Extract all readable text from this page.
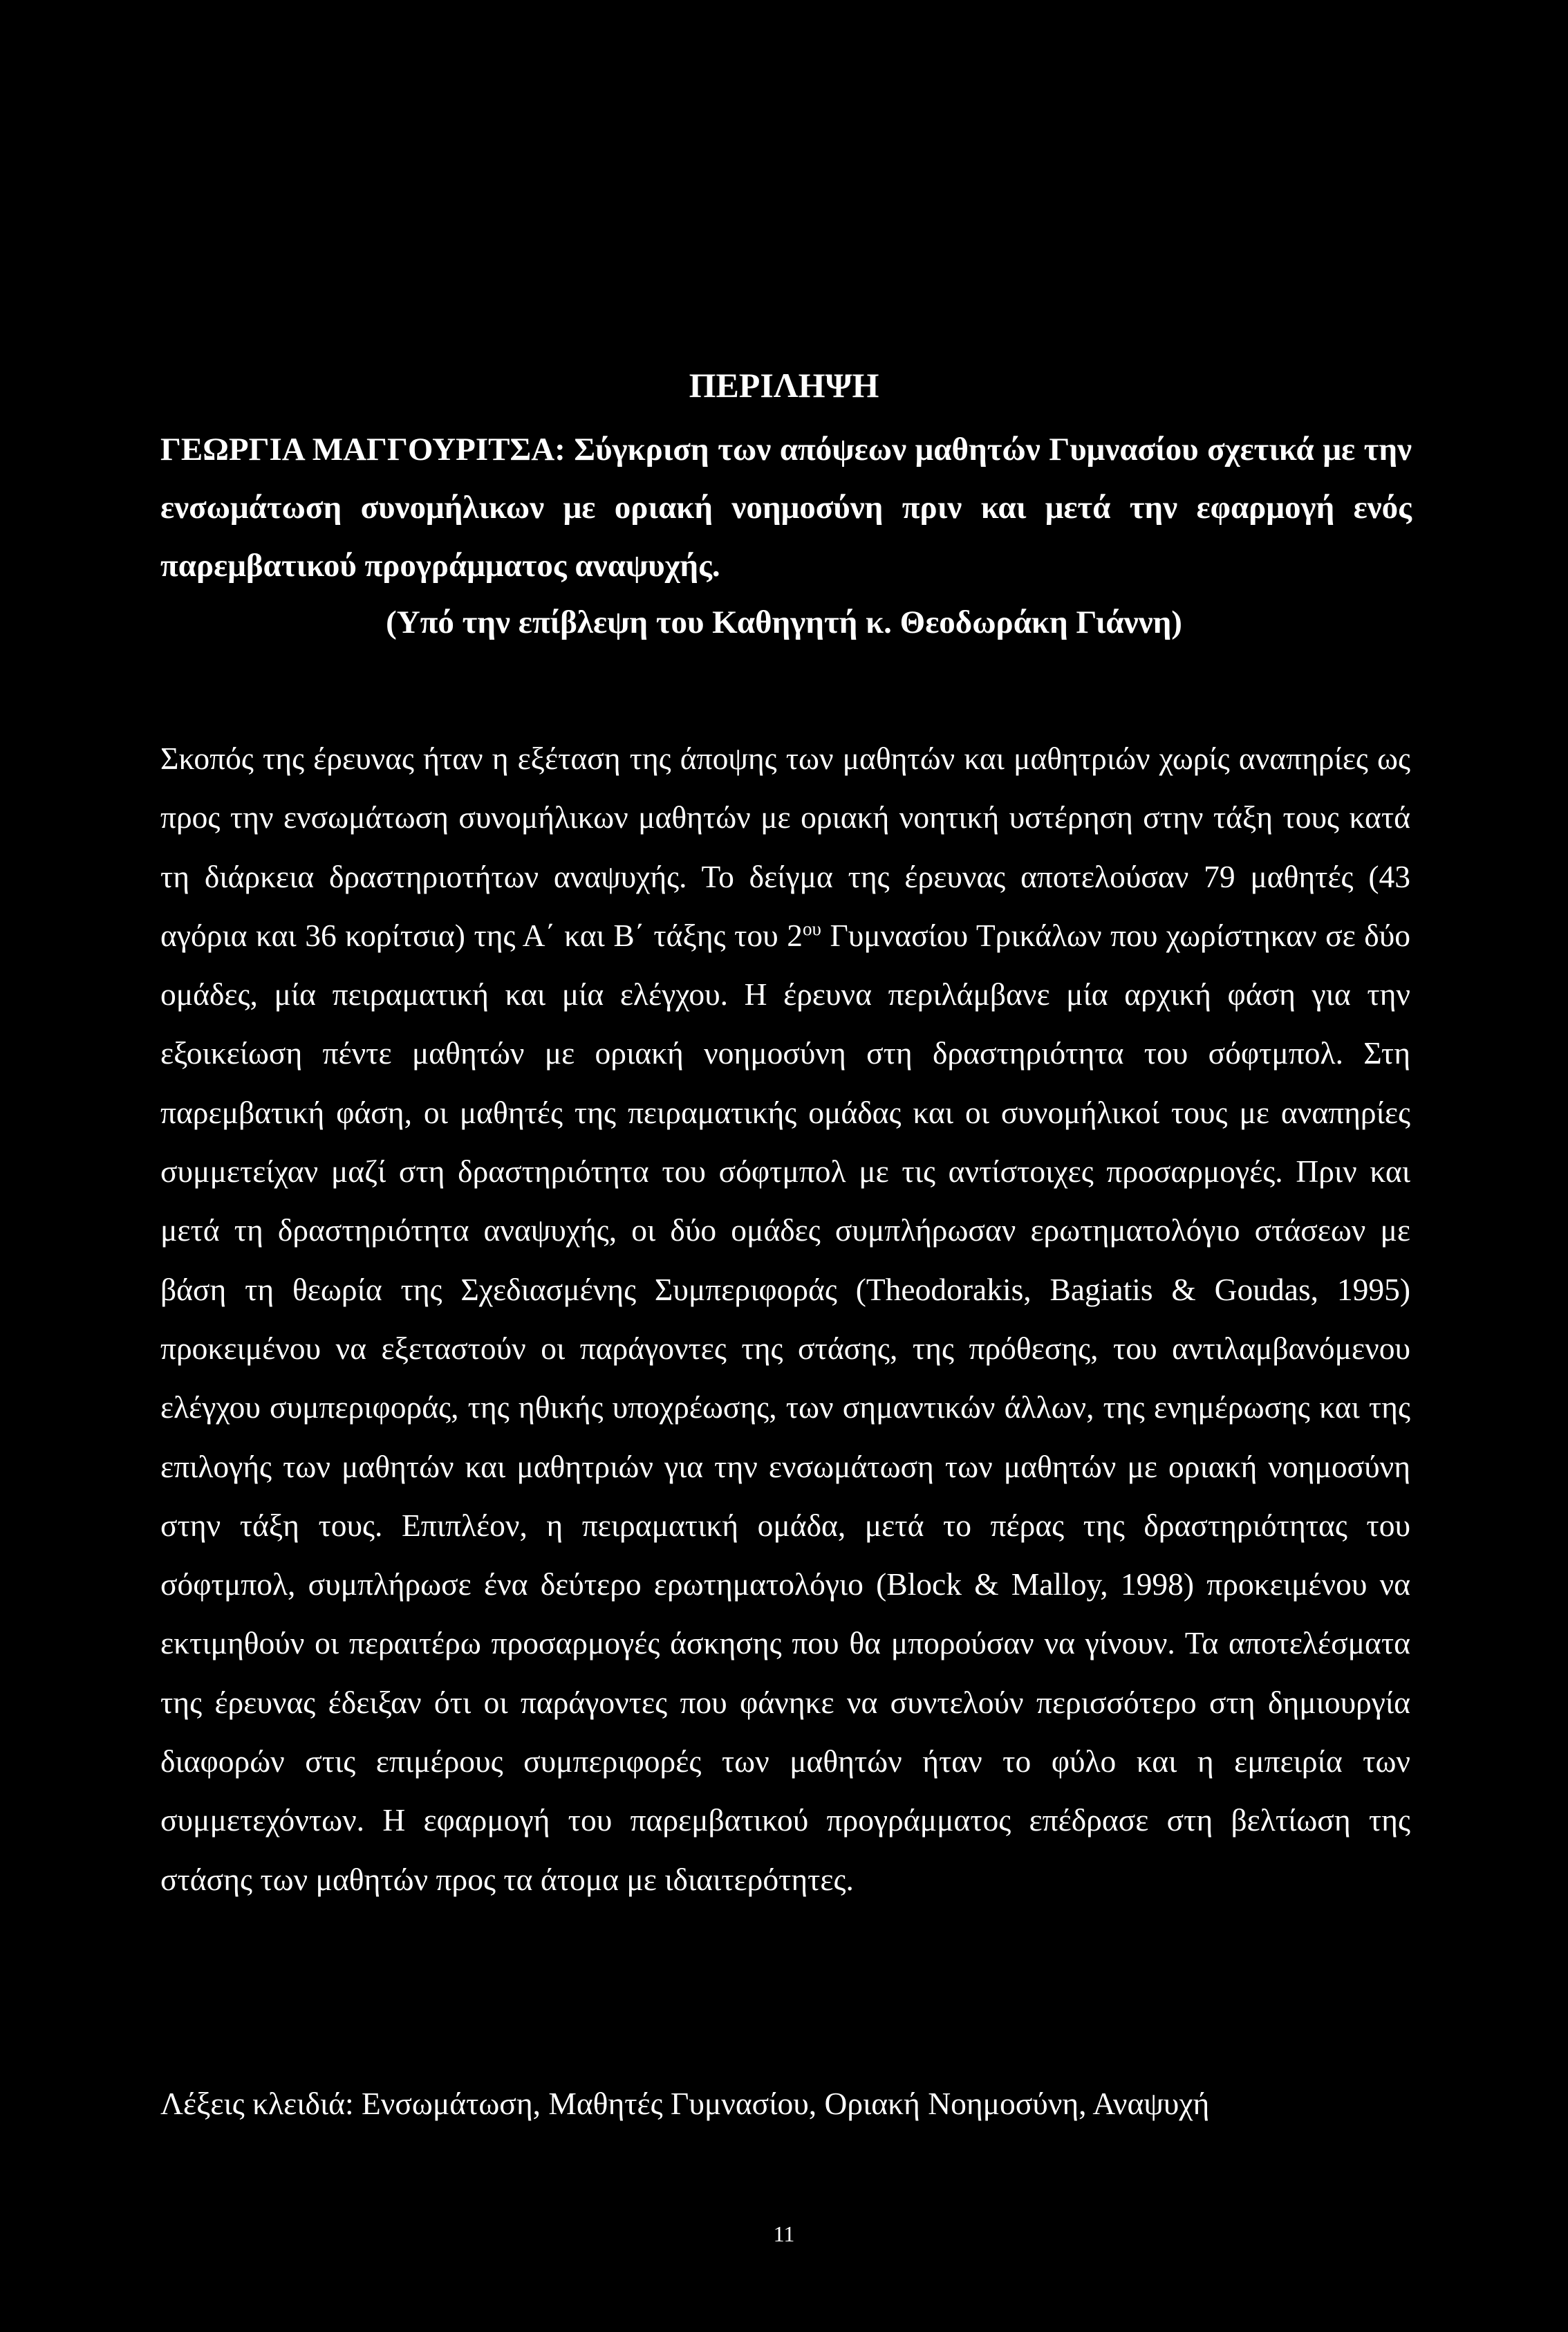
ΠΕΡΙΛΗΨΗ
ΓΕΩΡΓΙΑ ΜΑΓΓΟΥΡΙΤΣΑ: Σύγκριση των απόψεων μαθητών Γυμνασίου σχετικά με την ενσωμάτωση συνομήλικων με οριακή νοημοσύνη πριν και μετά την εφαρμογή ενός παρεμβατικού προγράμματος αναψυχής.
(Υπό την επίβλεψη του Καθηγητή κ. Θεοδωράκη Γιάννη)

Σκοπός της έρευνας ήταν η εξέταση της άποψης των μαθητών και μαθητριών χωρίς αναπηρίες ως προς την ενσωμάτωση συνομήλικων μαθητών με οριακή νοητική υστέρηση στην τάξη τους κατά τη διάρκεια δραστηριοτήτων αναψυχής. Το δείγμα της έρευνας αποτελούσαν 79 μαθητές (43 αγόρια και 36 κορίτσια) της Α΄ και Β΄ τάξης του $2^{o\upsilon}$ Γυμνασίου Τρικάλων που χωρίστηκαν σε δύο ομάδες, μία πειραματική και μία ελέγχου. Η έρευνα περιλάμβανε μία αρχική φάση για την εξοικείωση πέντε μαθητών με οριακή νοημοσύνη στη δραστηριότητα του σόφτμπολ. Στη παρεμβατική φάση, οι μαθητές της πειραματικής ομάδας και οι συνομήλικοί τους με αναπηρίες συμμετείχαν μαζί στη δραστηριότητα του σόφτμπολ με τις αντίστοιχες προσαρμογές. Πριν και μετά τη δραστηριότητα αναψυχής, οι δύο ομάδες συμπλήρωσαν ερωτηματολόγιο στάσεων με βάση τη θεωρία της Σχεδιασμένης Συμπεριφοράς (Theodorakis, Bagiatis & Goudas, 1995) προκειμένου να εξεταστούν οι παράγοντες της στάσης, της πρόθεσης, του αντιλαμβανόμενου ελέγχου συμπεριφοράς, της ηθικής υποχρέωσης, των σημαντικών άλλων, της ενημέρωσης και της επιλογής των μαθητών και μαθητριών για την ενσωμάτωση των μαθητών με οριακή νοημοσύνη στην τάξη τους. Επιπλέον, η πειραματική ομάδα, μετά το πέρας της δραστηριότητας του σόφτμπολ, συμπλήρωσε ένα δεύτερο ερωτηματολόγιο (Block & Malloy, 1998) προκειμένου να εκτιμηθούν οι περαιτέρω προσαρμογές άσκησης που θα μπορούσαν να γίνουν. Τα αποτελέσματα της έρευνας έδειξαν ότι οι παράγοντες που φάνηκε να συντελούν περισσότερο στη δημιουργία διαφορών στις επιμέρους συμπεριφορές των μαθητών ήταν το φύλο και η εμπειρία των συμμετεχόντων. Η εφαρμογή του παρεμβατικού προγράμματος επέδρασε στη βελτίωση της στάσης των μαθητών προς τα άτομα με ιδιαιτερότητες.

Λέξεις κλειδιά: Ενσωμάτωση, Μαθητές Γυμνασίου, Οριακή Νοημοσύνη, Αναψυχή
11
